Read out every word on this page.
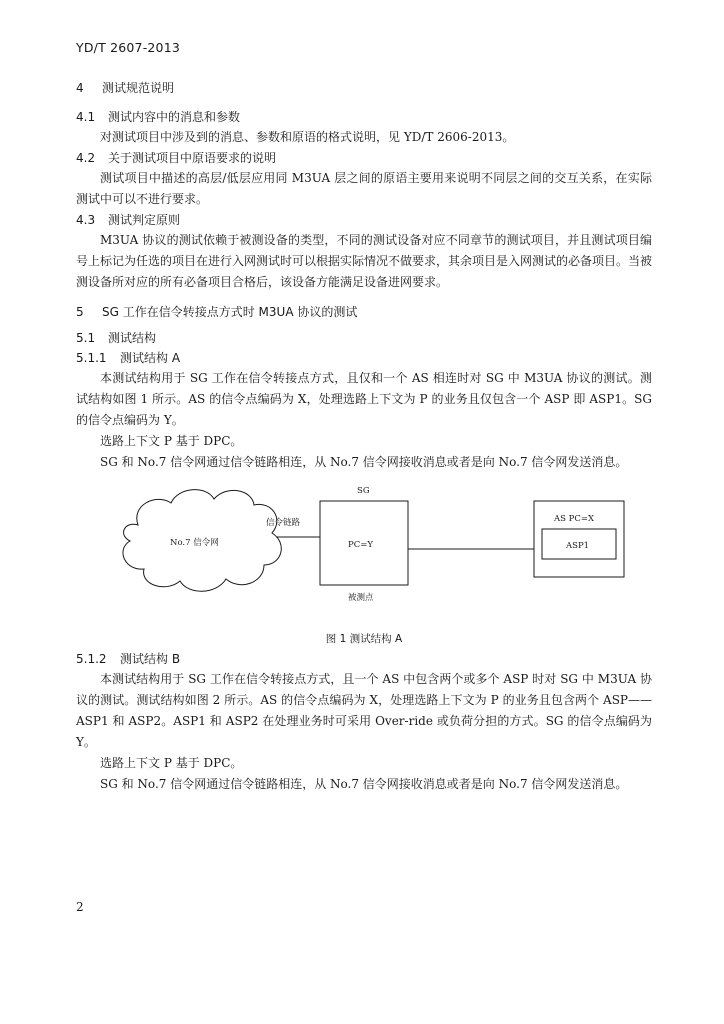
YD/T 2607-2013

4 测试规范说明

4.1 测试内容中的消息和参数

对测试项目中涉及到的消息、参数和原语的格式说明，见 YD/T 2606-2013。

4.2 关于测试项目中原语要求的说明

测试项目中描述的高层/低层应用同 M3UA 层之间的原语主要用来说明不同层之间的交互关系，在实际测试中可以不进行要求。

4.3 测试判定原则

M3UA 协议的测试依赖于被测设备的类型，不同的测试设备对应不同章节的测试项目，并且测试项目编号上标记为任选的项目在进行入网测试时可以根据实际情况不做要求，其余项目是入网测试的必备项目。当被测设备所对应的所有必备项目合格后，该设备方能满足设备进网要求。

5 SG 工作在信令转接点方式时 M3UA 协议的测试

5.1 测试结构

5.1.1 测试结构 A

本测试结构用于 SG 工作在信令转接点方式，且仅和一个 AS 相连时对 SG 中 M3UA 协议的测试。测试结构如图 1 所示。AS 的信令点编码为 X，处理选路上下文为 P 的业务且仅包含一个 ASP 即 ASP1。SG 的信令点编码为 Y。

选路上下文 P 基于 DPC。

SG 和 No.7 信令网通过信令链路相连，从 No.7 信令网接收消息或者是向 No.7 信令网发送消息。

No.7 信令网
信令链路
SG
PC=Y
被测点
AS PC=X
ASP1

图 1 测试结构 A

5.1.2 测试结构 B

本测试结构用于 SG 工作在信令转接点方式，且一个 AS 中包含两个或多个 ASP 时对 SG 中 M3UA 协议的测试。测试结构如图 2 所示。AS 的信令点编码为 X，处理选路上下文为 P 的业务且包含两个 ASP——ASP1 和 ASP2。ASP1 和 ASP2 在处理业务时可采用 Over-ride 或负荷分担的方式。SG 的信令点编码为 Y。

选路上下文 P 基于 DPC。

SG 和 No.7 信令网通过信令链路相连，从 No.7 信令网接收消息或者是向 No.7 信令网发送消息。

2
